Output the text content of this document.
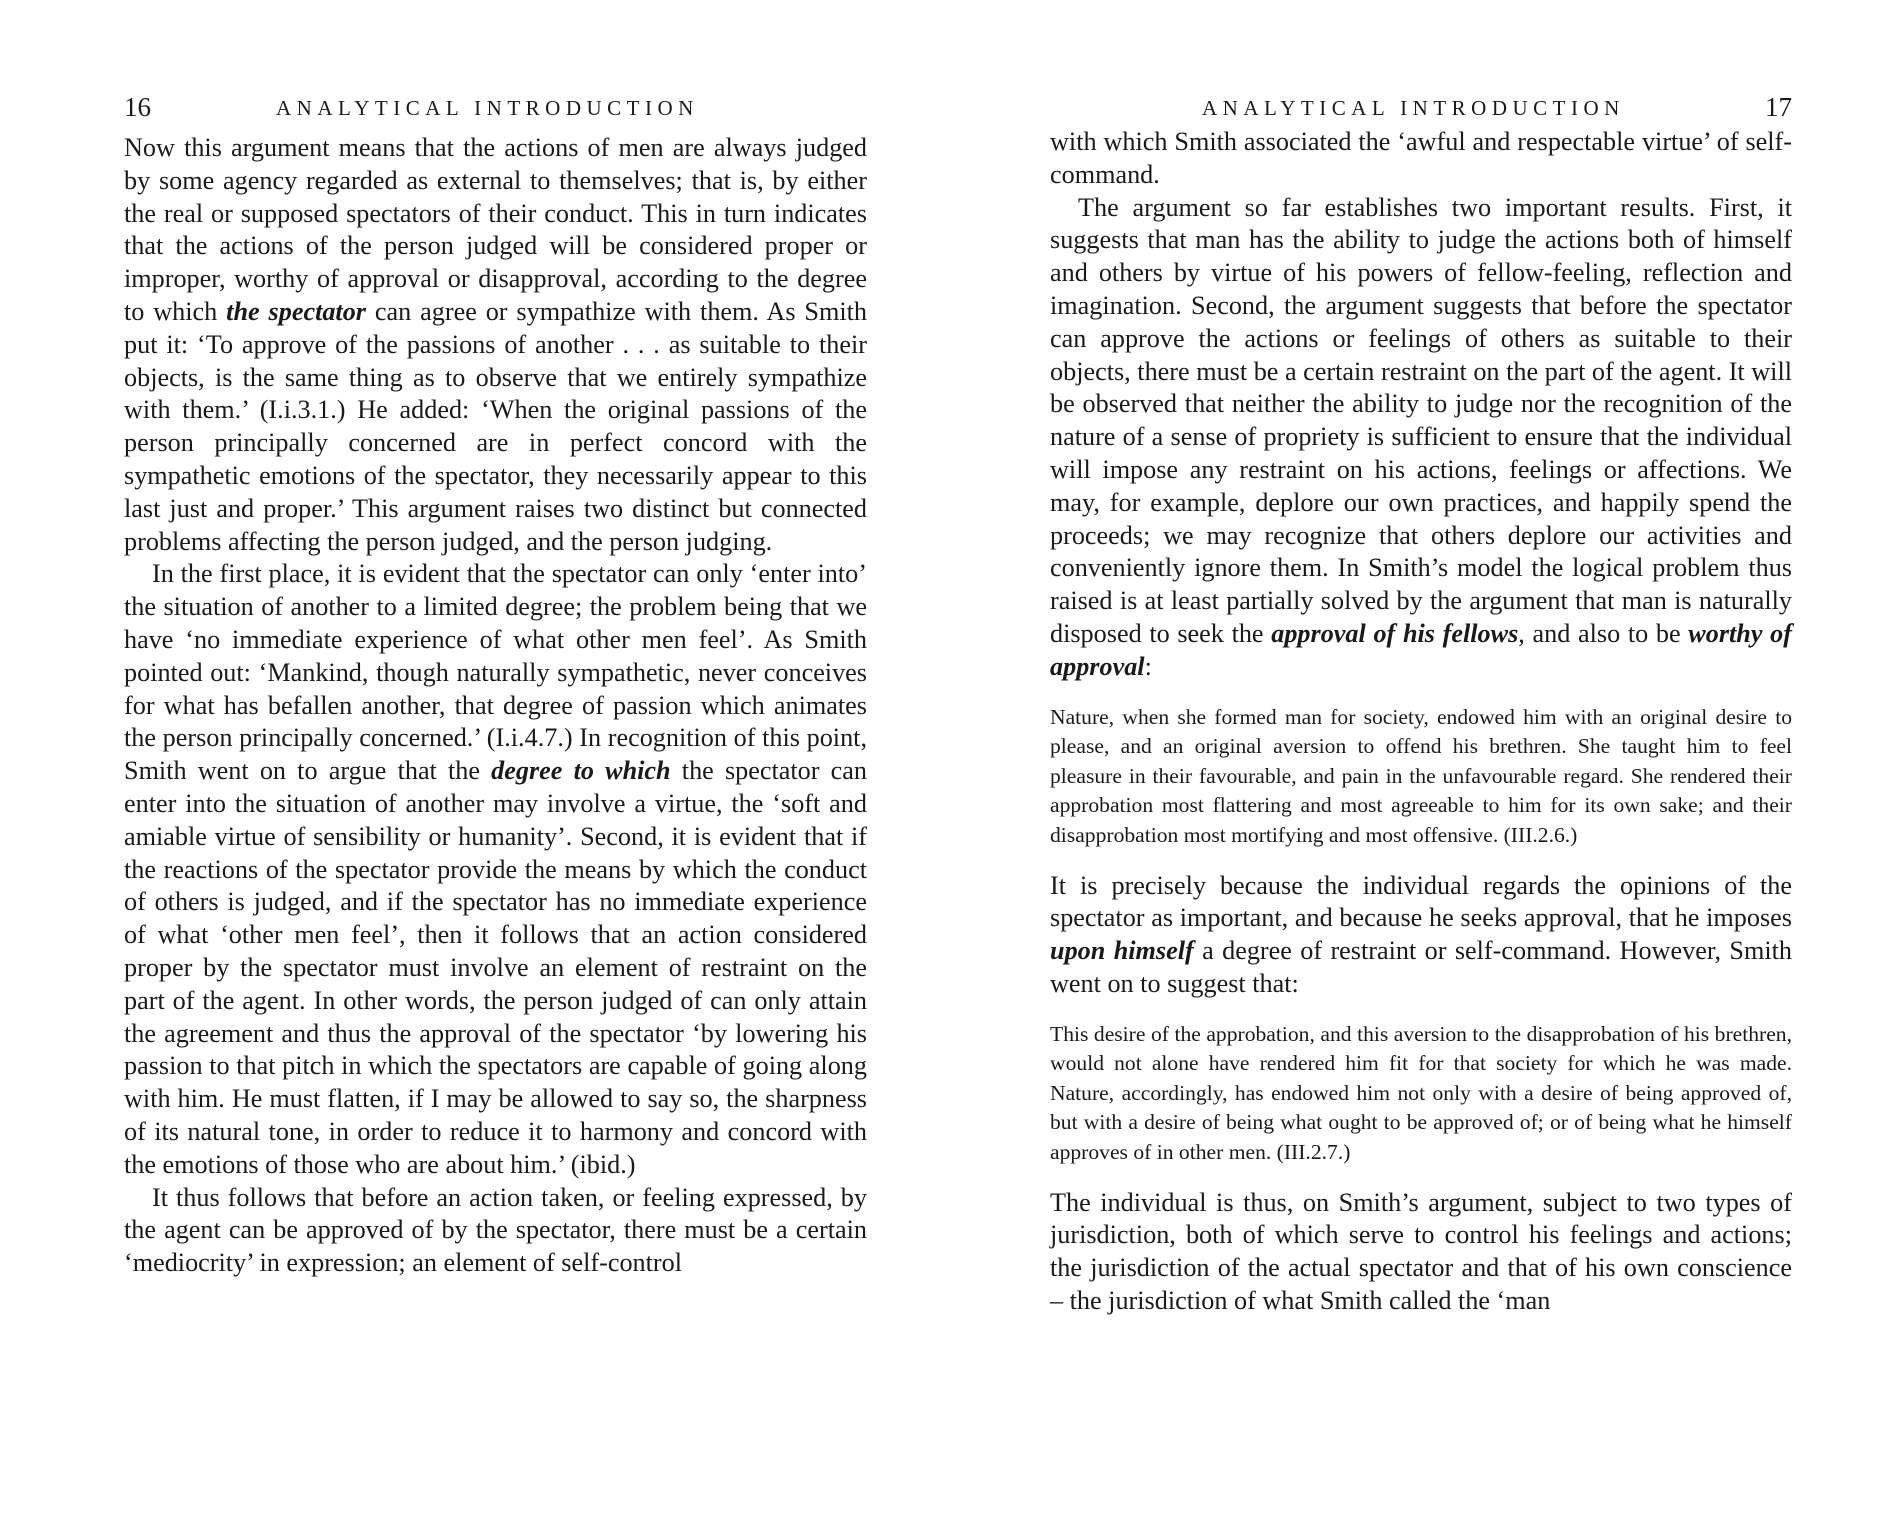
16	ANALYTICAL INTRODUCTION

Now this argument means that the actions of men are always judged by some agency regarded as external to themselves; that is, by either the real or supposed spectators of their conduct. This in turn indicates that the actions of the person judged will be considered proper or improper, worthy of approval or disapproval, according to the degree to which the spectator can agree or sympathize with them. As Smith put it: ‘To approve of the passions of another . . . as suitable to their objects, is the same thing as to observe that we entirely sympathize with them.’ (I.i.3.1.) He added: ‘When the original passions of the person principally concerned are in perfect concord with the sympathetic emotions of the spectator, they necessarily appear to this last just and proper.’ This argument raises two distinct but connected problems affecting the person judged, and the person judging.

In the first place, it is evident that the spectator can only ‘enter into’ the situation of another to a limited degree; the problem being that we have ‘no immediate experience of what other men feel’. As Smith pointed out: ‘Mankind, though naturally sympathetic, never conceives for what has befallen another, that degree of passion which animates the person principally concerned.’ (I.i.4.7.) In recognition of this point, Smith went on to argue that the degree to which the spectator can enter into the situation of another may involve a virtue, the ‘soft and amiable virtue of sensibility or humanity’. Second, it is evident that if the reactions of the spectator provide the means by which the conduct of others is judged, and if the spectator has no immediate experience of what ‘other men feel’, then it follows that an action considered proper by the spectator must involve an element of restraint on the part of the agent. In other words, the person judged of can only attain the agreement and thus the approval of the spectator ‘by lowering his passion to that pitch in which the spectators are capable of going along with him. He must flatten, if I may be allowed to say so, the sharpness of its natural tone, in order to reduce it to harmony and concord with the emotions of those who are about him.’ (ibid.)

It thus follows that before an action taken, or feeling expressed, by the agent can be approved of by the spectator, there must be a certain ‘mediocrity’ in expression; an element of self-control

ANALYTICAL INTRODUCTION	17

with which Smith associated the ‘awful and respectable virtue’ of self-command.

The argument so far establishes two important results. First, it suggests that man has the ability to judge the actions both of himself and others by virtue of his powers of fellow-feeling, reflection and imagination. Second, the argument suggests that before the spectator can approve the actions or feelings of others as suitable to their objects, there must be a certain restraint on the part of the agent. It will be observed that neither the ability to judge nor the recognition of the nature of a sense of propriety is sufficient to ensure that the individual will impose any restraint on his actions, feelings or affections. We may, for example, deplore our own practices, and happily spend the proceeds; we may recognize that others deplore our activities and conveniently ignore them. In Smith’s model the logical problem thus raised is at least partially solved by the argument that man is naturally disposed to seek the approval of his fellows, and also to be worthy of approval:

Nature, when she formed man for society, endowed him with an original desire to please, and an original aversion to offend his brethren. She taught him to feel pleasure in their favourable, and pain in the unfavourable regard. She rendered their approbation most flattering and most agreeable to him for its own sake; and their disapprobation most mortifying and most offensive. (III.2.6.)

It is precisely because the individual regards the opinions of the spectator as important, and because he seeks approval, that he imposes upon himself a degree of restraint or self-command. However, Smith went on to suggest that:

This desire of the approbation, and this aversion to the disapprobation of his brethren, would not alone have rendered him fit for that society for which he was made. Nature, accordingly, has endowed him not only with a desire of being approved of, but with a desire of being what ought to be approved of; or of being what he himself approves of in other men. (III.2.7.)

The individual is thus, on Smith’s argument, subject to two types of jurisdiction, both of which serve to control his feelings and actions; the jurisdiction of the actual spectator and that of his own conscience – the jurisdiction of what Smith called the ‘man
